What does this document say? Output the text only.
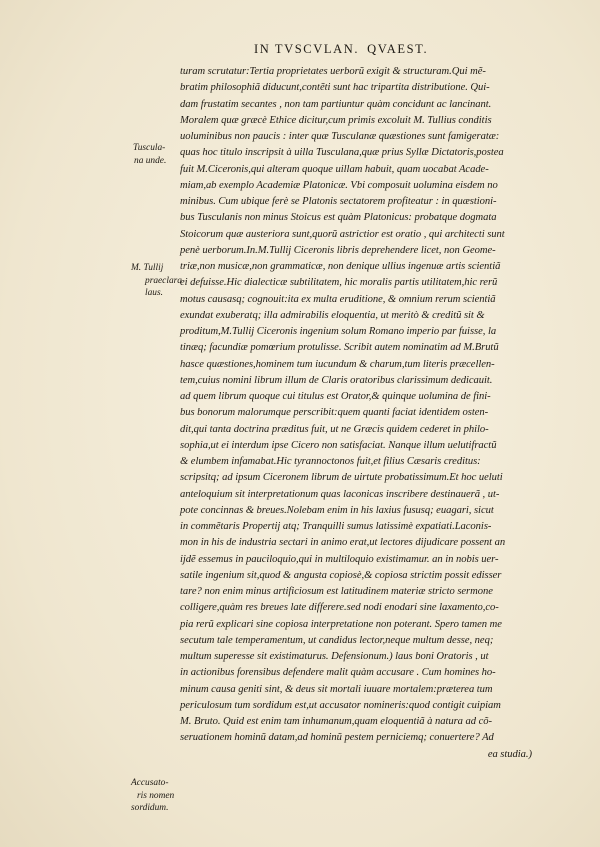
IN TVSCVLAN. QVAEST.
Tuscula-
na unde.
M. Tullij
praeclara
laus.
Accusato-
ris nomen
sordidum.
turam scrutatur:Tertia proprietates uerborũ exigit & structuram.Qui mẽ-
bratim philosophiã diducunt,contẽti sunt hac tripartita distributione. Qui-
dam frustatim secantes , non tam partiuntur quàm concidunt ac lancinant.
Moralem quæ græcè Ethice dicitur,cum primis excoluit M. Tullius conditis
uoluminibus non paucis : inter quæ Tusculanæ quæstiones sunt famigeratæ:
quas hoc titulo inscripsit à uilla Tusculana,quæ prius Syllæ Dictatoris,postea
fuit M.Ciceronis,qui alteram quoque uillam habuit, quam uocabat Acade-
miam,ab exemplo Academiæ Platonicæ. Vbi composuit uolumina eisdem no
minibus. Cum ubique ferè se Platonis sectatorem profiteatur : in quæstioni-
bus Tusculanis non minus Stoicus est quàm Platonicus: probatque dogmata
Stoicorum quæ austeriora sunt,quorũ astrictior est oratio , qui architecti sunt
penè uerborum.In.M.Tullij Ciceronis libris deprehendere licet, non Geome-
triæ,non musicæ,non grammaticæ, non denique ullius ingenuæ artis scientiã
ei defuisse.Hic dialecticæ subtilitatem, hic moralis partis utilitatem,hic rerũ
motus causasq; cognouit:ita ex multa eruditione, & omnium rerum scientiã
exundat exuberatq; illa admirabilis eloquentia, ut meritò & creditũ sit &
proditum,M.Tullij Ciceronis ingenium solum Romano imperio par fuisse, la
tinæq; facundiæ pomœrium protulisse. Scribit autem nominatim ad M.Brutũ
hasce quæstiones,hominem tum iucundum & charum,tum literis præcellen-
tem,cuius nomini librum illum de Claris oratoribus clarissimum dedicauit.
ad quem librum quoque cui titulus est Orator,& quinque uolumina de fini-
bus bonorum malorumque perscribit:quem quanti faciat identidem osten-
dit,qui tanta doctrina præditus fuit, ut ne Græcis quidem cederet in philo-
sophia,ut ei interdum ipse Cicero non satisfaciat. Nanque illum uelutifractũ
& elumbem infamabat.Hic tyrannoctonos fuit,et filius Cæsaris creditus:
scripsitq; ad ipsum Ciceronem librum de uirtute probatissimum.Et hoc ueluti
anteloquium sit interpretationum quas laconicas inscribere destinauerã , ut-
pote concinnas & breues.Nolebam enim in his laxius fususq; euagari, sicut
in commẽtaris Propertij atq; Tranquilli sumus latissimè expatiati.Laconis-
mon in his de industria sectari in animo erat,ut lectores dijudicare possent an
ijdẽ essemus in pauciloquio,qui in multiloquio existimamur. an in nobis uer-
satile ingenium sit,quod & angusta copiosè,& copiosa strictim possit edisser
tare? non enim minus artificiosum est latitudinem materiæ stricto sermone
colligere,quàm res breues late differere.sed nodi enodari sine laxamento,co-
pia rerũ explicari sine copiosa interpretatione non poterant. Spero tamen me
secutum tale temperamentum, ut candidus lector,neque multum desse, neq;
multum superesse sit existimaturus. Defensionum.) laus boni Oratoris , ut
in actionibus forensibus defendere malit quàm accusare . Cum homines ho-
minum causa geniti sint, & deus sit mortali iuuare mortalem:præterea tum
periculosum tum sordidum est,ut accusator nomineris:quod contigit cuipiam
M. Bruto. Quid est enim tam inhumanum,quam eloquentiã à natura ad cõ-
seruationem hominũ datam,ad hominũ pestem perniciemq; conuertere? Ad
ea studia.)
